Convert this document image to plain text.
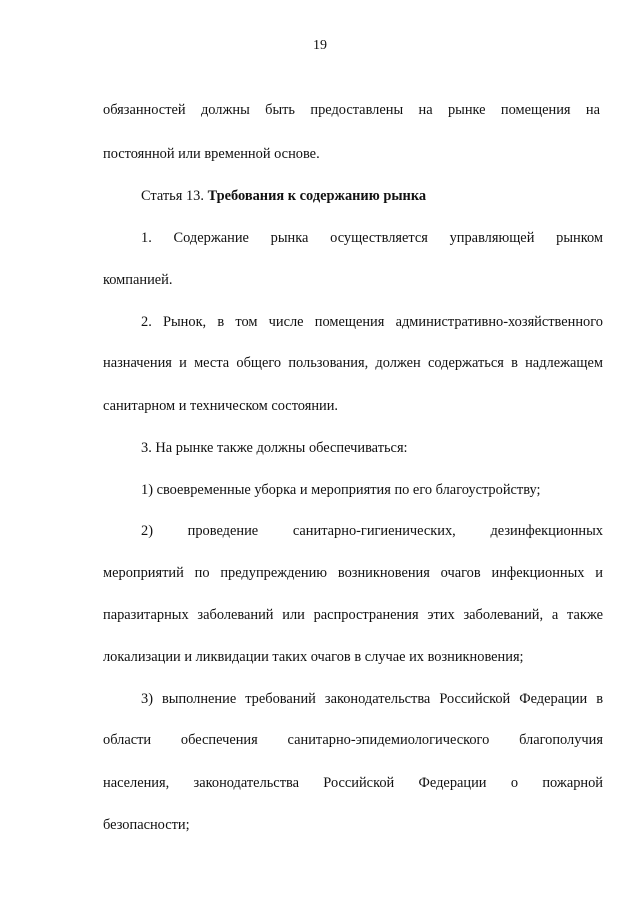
19
обязанностей должны быть предоставлены на рынке помещения на
постоянной или временной основе.
Статья 13. Требования к содержанию рынка
1. Содержание рынка осуществляется управляющей рынком
компанией.
2. Рынок, в том числе помещения административно-хозяйственного
назначения и места общего пользования, должен содержаться в надлежащем
санитарном и техническом состоянии.
3. На рынке также должны обеспечиваться:
1) своевременные уборка и мероприятия по его благоустройству;
2) проведение санитарно-гигиенических, дезинфекционных
мероприятий по предупреждению возникновения очагов инфекционных и
паразитарных заболеваний или распространения этих заболеваний, а также
локализации и ликвидации таких очагов в случае их возникновения;
3) выполнение требований законодательства Российской Федерации в
области обеспечения санитарно-эпидемиологического благополучия
населения, законодательства Российской Федерации о пожарной
безопасности;
